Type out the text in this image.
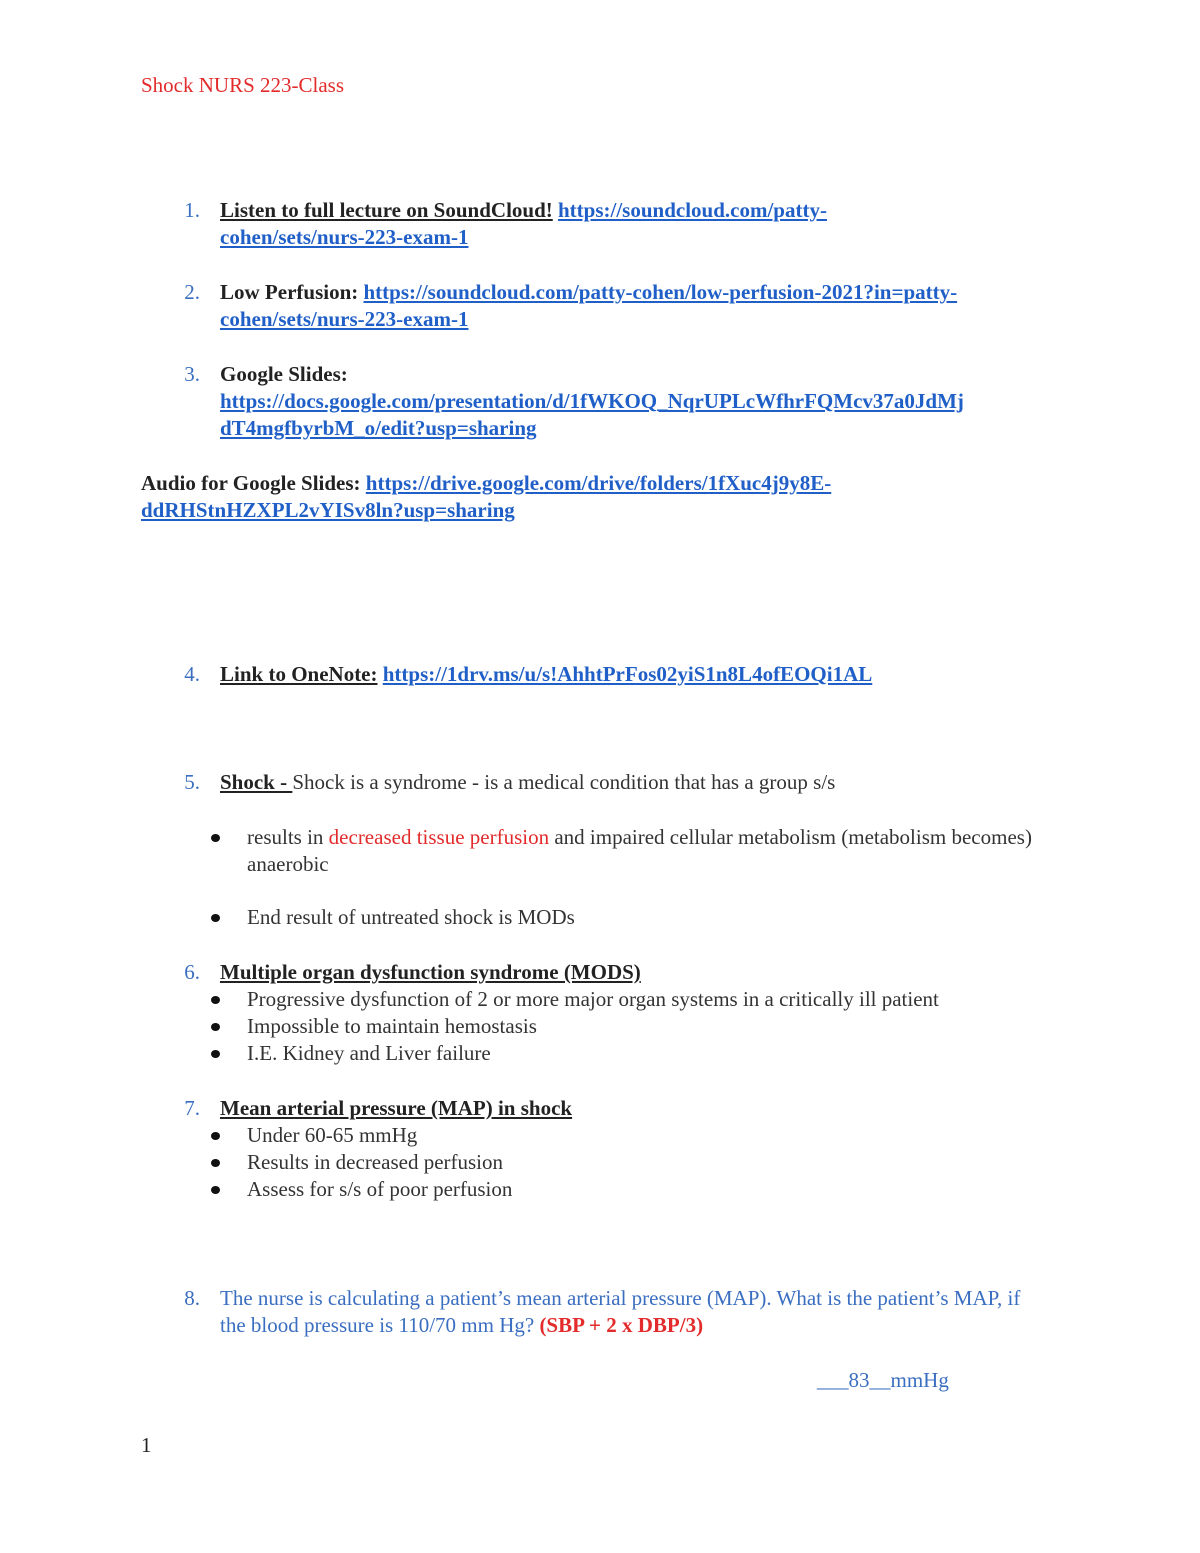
Shock NURS 223-Class
1. Listen to full lecture on SoundCloud! https://soundcloud.com/patty-
cohen/sets/nurs-223-exam-1
2. Low Perfusion: https://soundcloud.com/patty-cohen/low-perfusion-2021?in=patty-
cohen/sets/nurs-223-exam-1
3. Google Slides:
https://docs.google.com/presentation/d/1fWKOQ_NqrUPLcWfhrFQMcv37a0JdMj
dT4mgfbyrbM_o/edit?usp=sharing
Audio for Google Slides: https://drive.google.com/drive/folders/1fXuc4j9y8E-
ddRHStnHZXPL2vYISv8ln?usp=sharing
4. Link to OneNote: https://1drv.ms/u/s!AhhtPrFos02yiS1n8L4ofEOQi1AL
5. Shock - Shock is a syndrome - is a medical condition that has a group s/s
results in decreased tissue perfusion and impaired cellular metabolism (metabolism becomes) anaerobic
End result of untreated shock is MODs
6. Multiple organ dysfunction syndrome (MODS)
Progressive dysfunction of 2 or more major organ systems in a critically ill patient
Impossible to maintain hemostasis
I.E. Kidney and Liver failure
7. Mean arterial pressure (MAP) in shock
Under 60-65 mmHg
Results in decreased perfusion
Assess for s/s of poor perfusion
8. The nurse is calculating a patient’s mean arterial pressure (MAP). What is the patient’s MAP, if the blood pressure is 110/70 mm Hg? (SBP + 2 x DBP/3)
___83__mmHg
1
